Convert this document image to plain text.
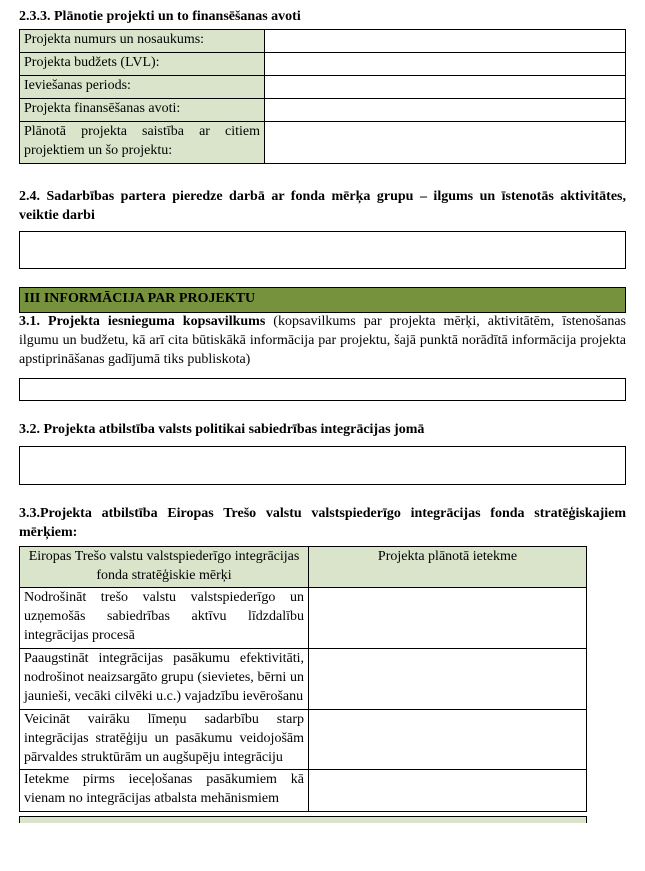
2.3.3. Plānotie projekti un to finansēšanas avoti

Projekta numurs un nosaukums:	
Projekta budžets (LVL):	
Ieviešanas periods:	
Projekta finansēšanas avoti:	
Plānotā projekta saistība ar citiem projektiem un šo projektu:	

2.4. Sadarbības partera pieredze darbā ar fonda mērķa grupu – ilgums un īstenotās aktivitātes, veiktie darbi

III INFORMĀCIJA PAR PROJEKTU

3.1. Projekta iesnieguma kopsavilkums (kopsavilkums par projekta mērķi, aktivitātēm, īstenošanas ilgumu un budžetu, kā arī cita būtiskākā informācija par projektu, šajā punktā norādītā informācija projekta apstiprināšanas gadījumā tiks publiskota)

3.2. Projekta atbilstība valsts politikai sabiedrības integrācijas jomā

3.3.Projekta atbilstība Eiropas Trešo valstu valstspiederīgo integrācijas fonda stratēģiskajiem mērķiem:

Eiropas Trešo valstu valstspiederīgo integrācijas fonda stratēģiskie mērķi	Projekta plānotā ietekme
Nodrošināt trešo valstu valstspiederīgo un uzņemošās sabiedrības aktīvu līdzdalību integrācijas procesā	
Paaugstināt integrācijas pasākumu efektivitāti, nodrošinot neaizsargāto grupu (sievietes, bērni un jaunieši, vecāki cilvēki u.c.) vajadzību ievērošanu	
Veicināt vairāku līmeņu sadarbību starp integrācijas stratēģiju un pasākumu veidojošām pārvaldes struktūrām un augšupēju integrāciju	
Ietekme pirms ieceļošanas pasākumiem kā vienam no integrācijas atbalsta mehānismiem	
